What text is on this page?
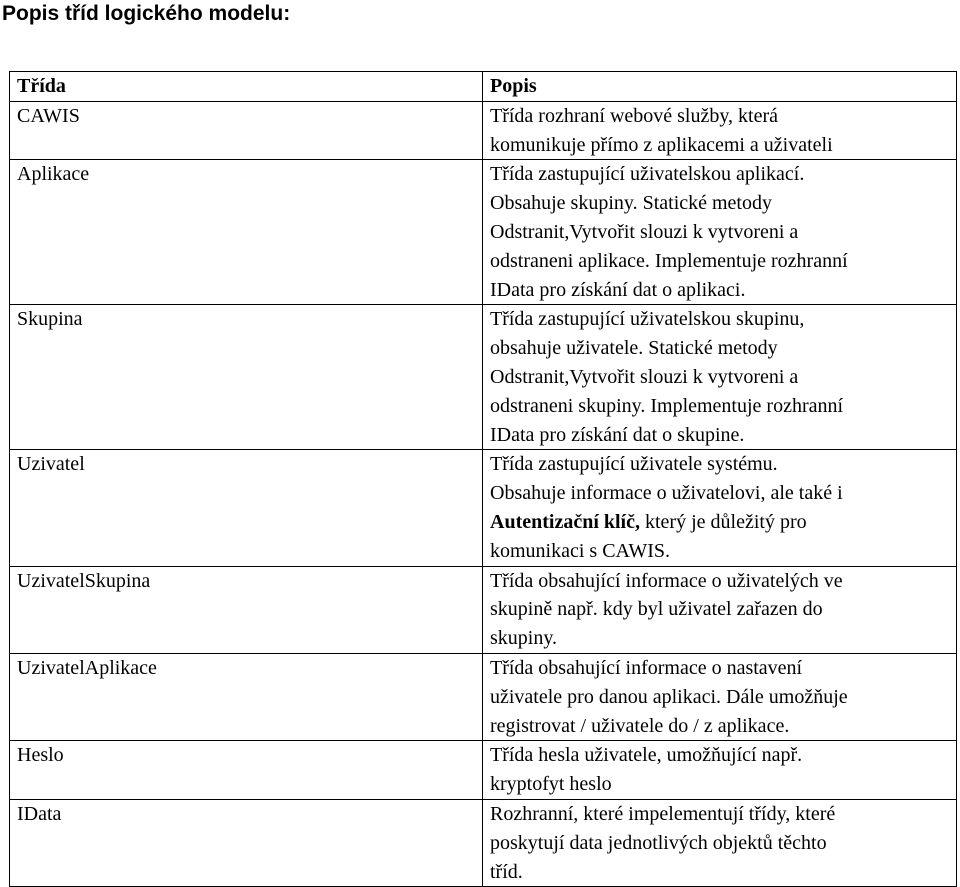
Popis tříd logického modelu:
Třída	Popis
CAWIS	Třída rozhraní webové služby, která
komunikuje přímo z aplikacemi a uživateli

Aplikace	Třída zastupující uživatelskou aplikací.
Obsahuje skupiny. Statické metody
Odstranit,Vytvořit slouzi k vytvoreni a
odstraneni aplikace. Implementuje rozhranní
IData pro získání dat o aplikaci.

Skupina	Třída zastupující uživatelskou skupinu,
obsahuje uživatele. Statické metody
Odstranit,Vytvořit slouzi k vytvoreni a
odstraneni skupiny. Implementuje rozhranní
IData pro získání dat o skupine.

Uzivatel	Třída zastupující uživatele systému.
Obsahuje informace o uživatelovi, ale také i
Autentizační klíč, který je důležitý pro
komunikaci s CAWIS.

UzivatelSkupina	Třída obsahující informace o uživatelých ve
skupině např. kdy byl uživatel zařazen do
skupiny.

UzivatelAplikace	Třída obsahující informace o nastavení
uživatele pro danou aplikaci. Dále umožňuje
registrovat / uživatele do / z aplikace.

Heslo	Třída hesla uživatele, umožňující např.
kryptofyt heslo

IData	Rozhranní, které impelementují třídy, které
poskytují data jednotlivých objektů těchto
tříd.
